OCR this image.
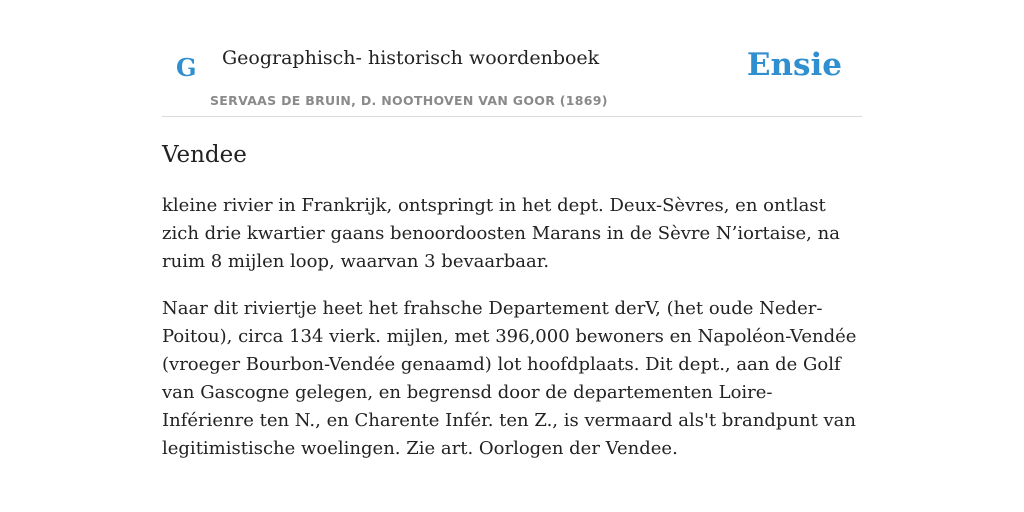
G Geographisch- historisch woordenboek
SERVAAS DE BRUIN, D. NOOTHOVEN VAN GOOR (1869)
Ensie
Vendee

kleine rivier in Frankrijk, ontspringt in het dept. Deux-Sèvres, en ontlast zich drie kwartier gaans benoordoosten Marans in de Sèvre N’iortaise, na ruim 8 mijlen loop, waarvan 3 bevaarbaar.

Naar dit riviertje heet het frahsche Departement derV, (het oude Neder-Poitou), circa 134 vierk. mijlen, met 396,000 bewoners en Napoléon-Vendée (vroeger Bourbon-Vendée genaamd) lot hoofdplaats. Dit dept., aan de Golf van Gascogne gelegen, en begrensd door de departementen Loire-Inférienre ten N., en Charente Infér. ten Z., is vermaard als't brandpunt van legitimistische woelingen. Zie art. Oorlogen der Vendee.
